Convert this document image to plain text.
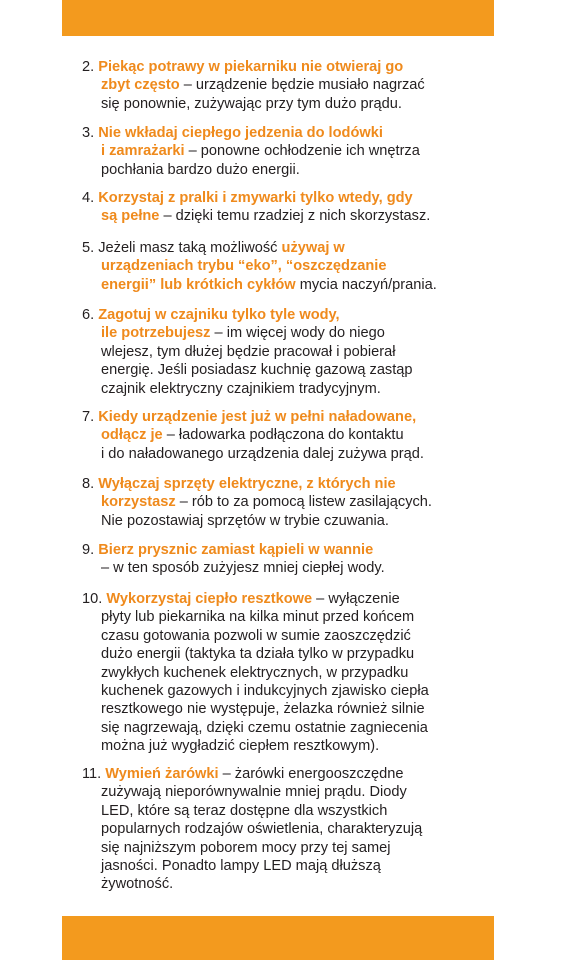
2. Piekąc potrawy w piekarniku nie otwieraj go
zbyt często – urządzenie będzie musiało nagrzać
się ponownie, zużywając przy tym dużo prądu.

3. Nie wkładaj ciepłego jedzenia do lodówki
i zamrażarki – ponowne ochłodzenie ich wnętrza
pochłania bardzo dużo energii.

4. Korzystaj z pralki i zmywarki tylko wtedy, gdy
są pełne – dzięki temu rzadziej z nich skorzystasz.

5. Jeżeli masz taką możliwość używaj w
urządzeniach trybu “eko”, “oszczędzanie
energii” lub krótkich cykłów mycia naczyń/prania.

6. Zagotuj w czajniku tylko tyle wody,
ile potrzebujesz – im więcej wody do niego
wlejesz, tym dłużej będzie pracował i pobierał
energię. Jeśli posiadasz kuchnię gazową zastąp
czajnik elektryczny czajnikiem tradycyjnym.

7. Kiedy urządzenie jest już w pełni naładowane,
odłącz je – ładowarka podłączona do kontaktu
i do naładowanego urządzenia dalej zużywa prąd.

8. Wyłączaj sprzęty elektryczne, z których nie
korzystasz – rób to za pomocą listew zasilających.
Nie pozostawiaj sprzętów w trybie czuwania.

9. Bierz prysznic zamiast kąpieli w wannie
– w ten sposób zużyjesz mniej ciepłej wody.

10. Wykorzystaj ciepło resztkowe – wyłączenie
płyty lub piekarnika na kilka minut przed końcem
czasu gotowania pozwoli w sumie zaoszczędzić
dużo energii (taktyka ta działa tylko w przypadku
zwykłych kuchenek elektrycznych, w przypadku
kuchenek gazowych i indukcyjnych zjawisko ciepła
resztkowego nie występuje, żelazka również silnie
się nagrzewają, dzięki czemu ostatnie zagniecenia
można już wygładzić ciepłem resztkowym).

11. Wymień żarówki – żarówki energooszczędne
zużywają nieporównywalnie mniej prądu. Diody
LED, które są teraz dostępne dla wszystkich
popularnych rodzajów oświetlenia, charakteryzują
się najniższym poborem mocy przy tej samej
jasności. Ponadto lampy LED mają dłuższą
żywotność.
